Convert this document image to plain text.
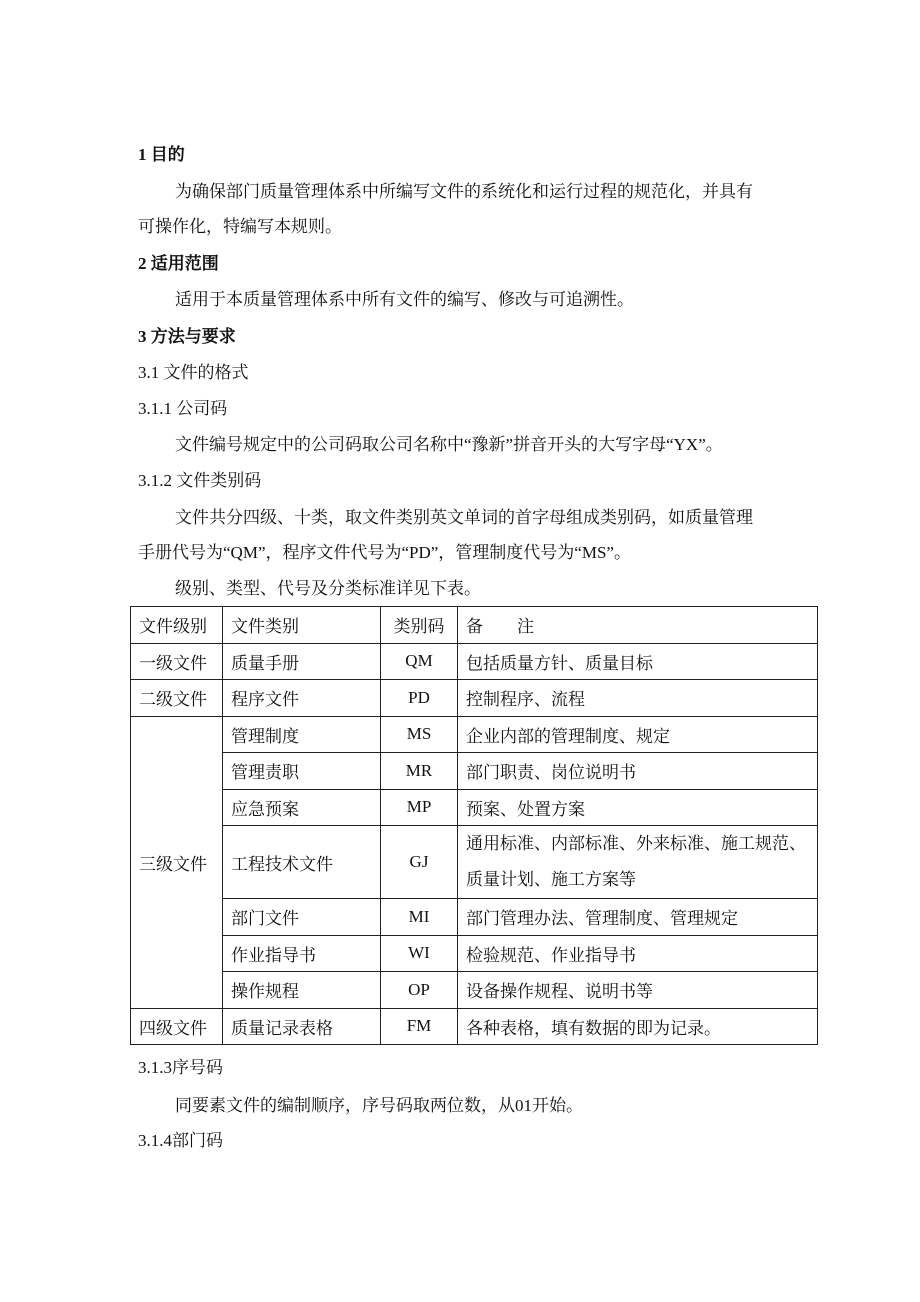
1 目的
为确保部门质量管理体系中所编写文件的系统化和运行过程的规范化，并具有
可操作化，特编写本规则。
2 适用范围
适用于本质量管理体系中所有文件的编写、修改与可追溯性。
3 方法与要求
3.1 文件的格式
3.1.1 公司码
文件编号规定中的公司码取公司名称中“豫新”拼音开头的大写字母“YX”。
3.1.2 文件类别码
文件共分四级、十类，取文件类别英文单词的首字母组成类别码，如质量管理
手册代号为“QM”，程序文件代号为“PD”，管理制度代号为“MS”。
级别、类型、代号及分类标准详见下表。
文件级别	文件类别	类别码	备　　注
一级文件	质量手册	QM	包括质量方针、质量目标
二级文件	程序文件	PD	控制程序、流程
三级文件	管理制度	MS	企业内部的管理制度、规定
	管理责职	MR	部门职责、岗位说明书
	应急预案	MP	预案、处置方案
	工程技术文件	GJ	通用标准、内部标准、外来标准、施工规范、质量计划、施工方案等
	部门文件	MI	部门管理办法、管理制度、管理规定
	作业指导书	WI	检验规范、作业指导书
	操作规程	OP	设备操作规程、说明书等
四级文件	质量记录表格	FM	各种表格，填有数据的即为记录。
3.1.3序号码
同要素文件的编制顺序，序号码取两位数，从01开始。
3.1.4部门码
